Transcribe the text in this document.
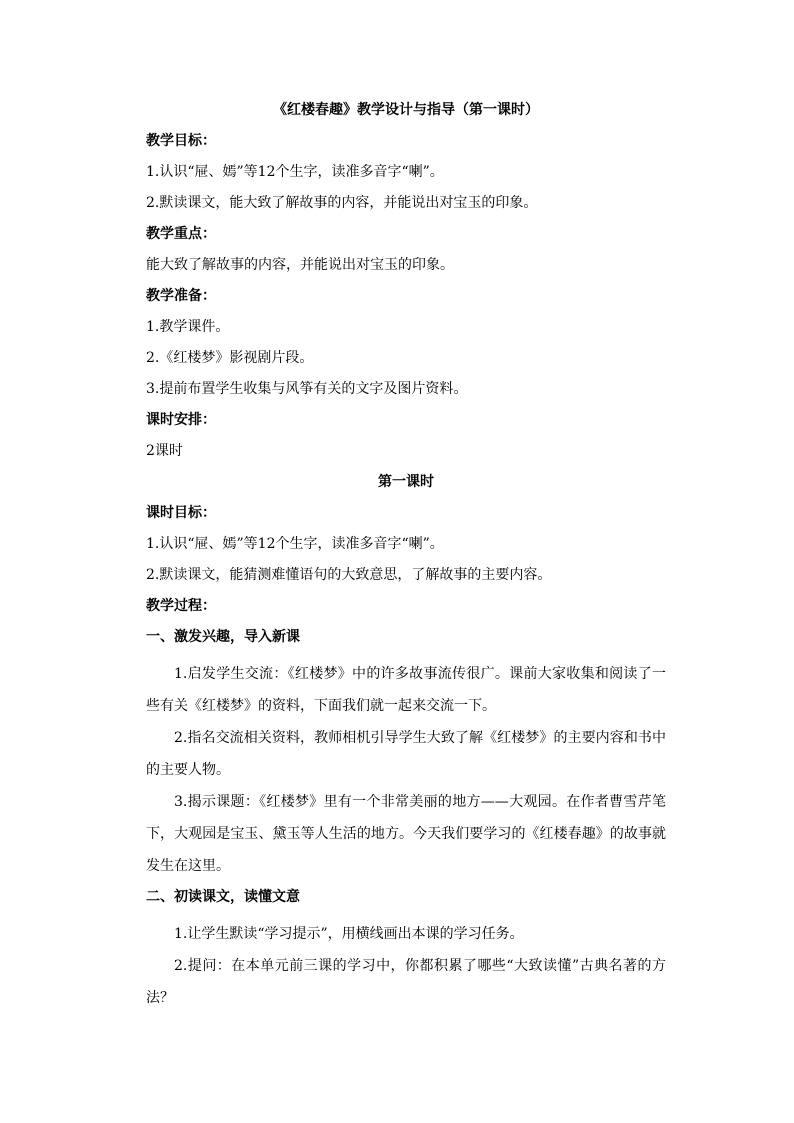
《红楼春趣》教学设计与指导（第一课时）

教学目标：

1.认识“屉、嫣”等12个生字，读准多音字“喇”。

2.默读课文，能大致了解故事的内容，并能说出对宝玉的印象。

教学重点：

能大致了解故事的内容，并能说出对宝玉的印象。

教学准备：

1.教学课件。

2.《红楼梦》影视剧片段。

3.提前布置学生收集与风筝有关的文字及图片资料。

课时安排：

2课时

第一课时

课时目标：

1.认识“屉、嫣”等12个生字，读准多音字“喇”。

2.默读课文，能猜测难懂语句的大致意思，了解故事的主要内容。

教学过程：

一、激发兴趣，导入新课

1.启发学生交流：《红楼梦》中的许多故事流传很广。课前大家收集和阅读了一些有关《红楼梦》的资料，下面我们就一起来交流一下。

2.指名交流相关资料，教师相机引导学生大致了解《红楼梦》的主要内容和书中的主要人物。

3.揭示课题：《红楼梦》里有一个非常美丽的地方——大观园。在作者曹雪芹笔下，大观园是宝玉、黛玉等人生活的地方。今天我们要学习的《红楼春趣》的故事就发生在这里。

二、初读课文，读懂文意

1.让学生默读“学习提示”，用横线画出本课的学习任务。

2.提问：在本单元前三课的学习中，你都积累了哪些“大致读懂”古典名著的方法？
